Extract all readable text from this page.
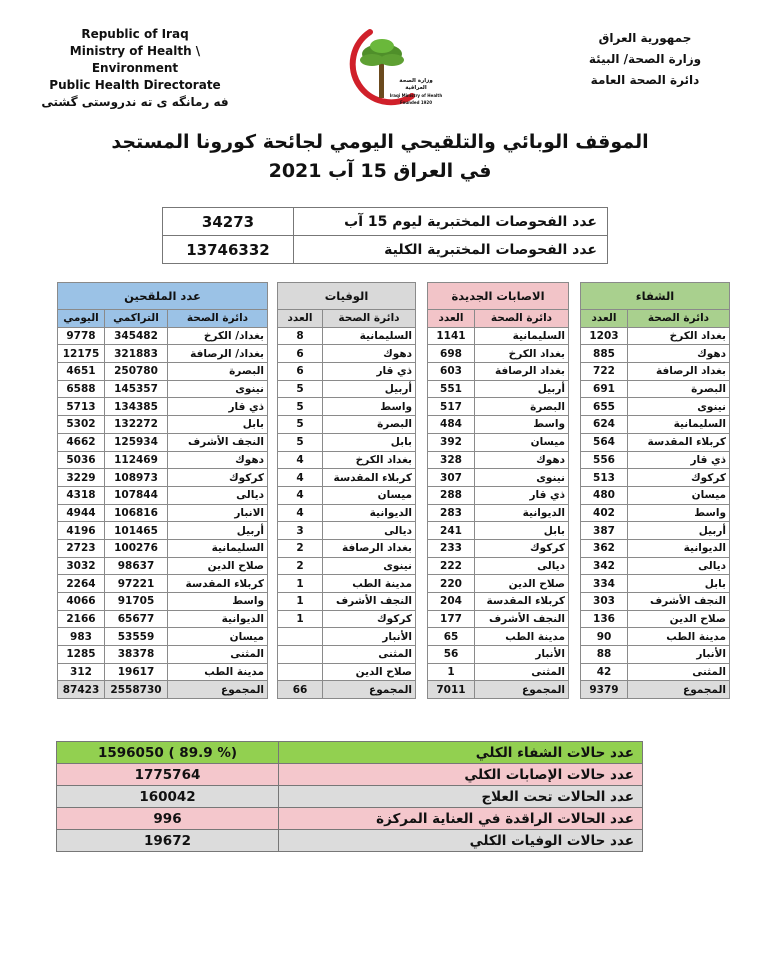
Republic of Iraq
Ministry of Health \ Environment
Public Health Directorate
فه رمانگه ى ته ندروستى گشتى
وزارة الصحة العراقية
Iraqi Ministry of Health
Founded 1920
جمهورية العراق
وزارة الصحة/ البيئة
دائرة الصحة العامة
الموقف الوبائي والتلقيحي اليومي لجائحة كورونا المستجد
في العراق 15 آب 2021
34273	عدد الفحوصات المختبرية ليوم 15 آب
13746332	عدد الفحوصات المختبرية الكلية
الشفاء	
العدد	دائرة الصحة
1203	بغداد الكرخ
885	دهوك
722	بغداد الرصافة
691	البصرة
655	نينوى
624	السليمانية
564	كربلاء المقدسة
556	ذي قار
513	كركوك
480	ميسان
402	واسط
387	أربيل
362	الديوانية
342	ديالى
334	بابل
303	النجف الأشرف
136	صلاح الدين
90	مدينة الطب
88	الأنبار
42	المثنى
9379	المجموع
الاصابات الجديدة	
العدد	دائرة الصحة
1141	السليمانية
698	بغداد الكرخ
603	بغداد الرصافة
551	أربيل
517	البصرة
484	واسط
392	ميسان
328	دهوك
307	نينوى
288	ذي قار
283	الديوانية
241	بابل
233	كركوك
222	ديالى
220	صلاح الدين
204	كربلاء المقدسة
177	النجف الأشرف
65	مدينة الطب
56	الأنبار
1	المثنى
7011	المجموع
الوفيات	
العدد	دائرة الصحة
8	السليمانية
6	دهوك
6	ذي قار
5	أربيل
5	واسط
5	البصرة
5	بابل
4	بغداد الكرخ
4	كربلاء المقدسة
4	ميسان
4	الديوانية
3	ديالى
2	بغداد الرصافة
2	نينوى
1	مدينة الطب
1	النجف الأشرف
1	كركوك
	الأنبار
	المثنى
	صلاح الدين
66	المجموع
عدد الملقحين		
اليومي	التراكمي	دائرة الصحة
9778	345482	بغداد/ الكرخ
12175	321883	بغداد/ الرصافة
4651	250780	البصرة
6588	145357	نينوى
5713	134385	ذي قار
5302	132272	بابل
4662	125934	النجف الأشرف
5036	112469	دهوك
3229	108973	كركوك
4318	107844	ديالى
4944	106816	الانبار
4196	101465	أربيل
2723	100276	السليمانية
3032	98637	صلاح الدين
2264	97221	كربلاء المقدسة
4066	91705	واسط
2166	65677	الديوانية
983	53559	ميسان
1285	38378	المثنى
312	19617	مدينة الطب
87423	2558730	المجموع
1596050 ( 89.9 %)	عدد حالات الشفاء الكلي
1775764	عدد حالات الإصابات الكلي
160042	عدد الحالات تحت العلاج
996	عدد الحالات الراقدة في العناية المركزة
19672	عدد حالات الوفيات الكلي
